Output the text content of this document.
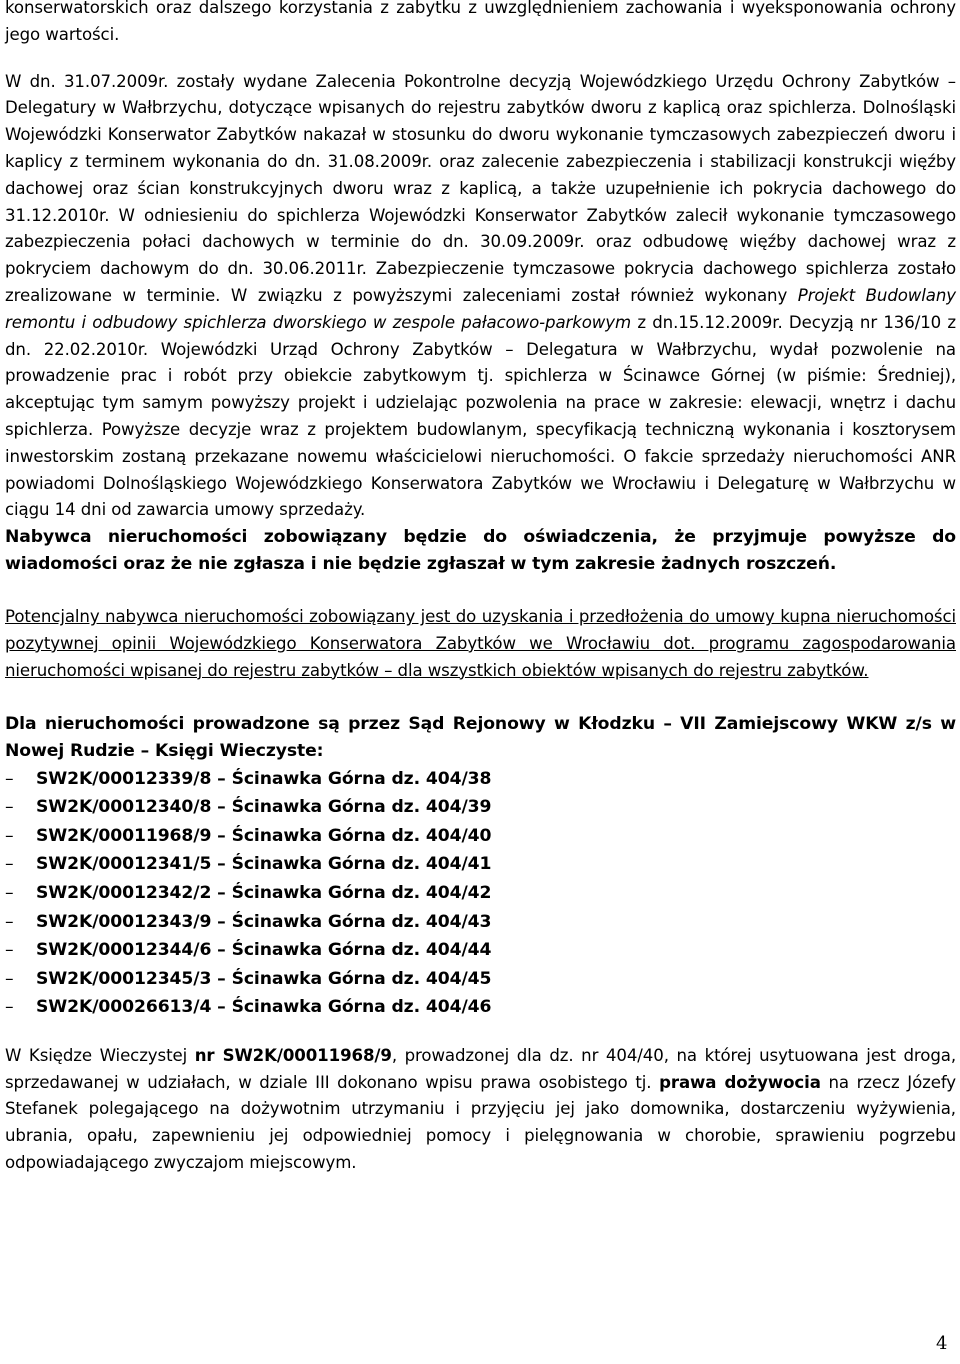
konserwatorskich oraz dalszego korzystania z zabytku z uwzględnieniem zachowania i wyeksponowania ochrony jego wartości.

W dn. 31.07.2009r. zostały wydane Zalecenia Pokontrolne decyzją Wojewódzkiego Urzędu Ochrony Zabytków – Delegatury w Wałbrzychu, dotyczące wpisanych do rejestru zabytków dworu z kaplicą oraz spichlerza. Dolnośląski Wojewódzki Konserwator Zabytków nakazał w stosunku do dworu wykonanie tymczasowych zabezpieczeń dworu i kaplicy z terminem wykonania do dn. 31.08.2009r. oraz zalecenie zabezpieczenia i stabilizacji konstrukcji więźby dachowej oraz ścian konstrukcyjnych dworu wraz z kaplicą, a także uzupełnienie ich pokrycia dachowego do 31.12.2010r. W odniesieniu do spichlerza Wojewódzki Konserwator Zabytków zalecił wykonanie tymczasowego zabezpieczenia połaci dachowych w terminie do dn. 30.09.2009r. oraz odbudowę więźby dachowej wraz z pokryciem dachowym do dn. 30.06.2011r. Zabezpieczenie tymczasowe pokrycia dachowego spichlerza zostało zrealizowane w terminie. W związku z powyższymi zaleceniami został również wykonany Projekt Budowlany remontu i odbudowy spichlerza dworskiego w zespole pałacowo-parkowym z dn.15.12.2009r. Decyzją nr 136/10 z dn. 22.02.2010r. Wojewódzki Urząd Ochrony Zabytków – Delegatura w Wałbrzychu, wydał pozwolenie na prowadzenie prac i robót przy obiekcie zabytkowym tj. spichlerza w Ścinawce Górnej (w piśmie: Średniej), akceptując tym samym powyższy projekt i udzielając pozwolenia na prace w zakresie: elewacji, wnętrz i dachu spichlerza. Powyższe decyzje wraz z projektem budowlanym, specyfikacją techniczną wykonania i kosztorysem inwestorskim zostaną przekazane nowemu właścicielowi nieruchomości. O fakcie sprzedaży nieruchomości ANR powiadomi Dolnośląskiego Wojewódzkiego Konserwatora Zabytków we Wrocławiu i Delegaturę w Wałbrzychu w ciągu 14 dni od zawarcia umowy sprzedaży.

Nabywca nieruchomości zobowiązany będzie do oświadczenia, że przyjmuje powyższe do wiadomości oraz że nie zgłasza i nie będzie zgłaszał w tym zakresie żadnych roszczeń.

Potencjalny nabywca nieruchomości zobowiązany jest do uzyskania i przedłożenia do umowy kupna nieruchomości pozytywnej opinii Wojewódzkiego Konserwatora Zabytków we Wrocławiu dot. programu zagospodarowania nieruchomości wpisanej do rejestru zabytków – dla wszystkich obiektów wpisanych do rejestru zabytków.

Dla nieruchomości prowadzone są przez Sąd Rejonowy w Kłodzku – VII Zamiejscowy WKW z/s w Nowej Rudzie – Księgi Wieczyste:

– SW2K/00012339/8 – Ścinawka Górna dz. 404/38
– SW2K/00012340/8 – Ścinawka Górna dz. 404/39
– SW2K/00011968/9 – Ścinawka Górna dz. 404/40
– SW2K/00012341/5 – Ścinawka Górna dz. 404/41
– SW2K/00012342/2 – Ścinawka Górna dz. 404/42
– SW2K/00012343/9 – Ścinawka Górna dz. 404/43
– SW2K/00012344/6 – Ścinawka Górna dz. 404/44
– SW2K/00012345/3 – Ścinawka Górna dz. 404/45
– SW2K/00026613/4 – Ścinawka Górna dz. 404/46

W Księdze Wieczystej nr SW2K/00011968/9, prowadzonej dla dz. nr 404/40, na której usytuowana jest droga, sprzedawanej w udziałach, w dziale III dokonano wpisu prawa osobistego tj. prawa dożywocia na rzecz Józefy Stefanek polegającego na dożywotnim utrzymaniu i przyjęciu jej jako domownika, dostarczeniu wyżywienia, ubrania, opału, zapewnieniu jej odpowiedniej pomocy i pielęgnowania w chorobie, sprawieniu pogrzebu odpowiadającego zwyczajom miejscowym.

4
